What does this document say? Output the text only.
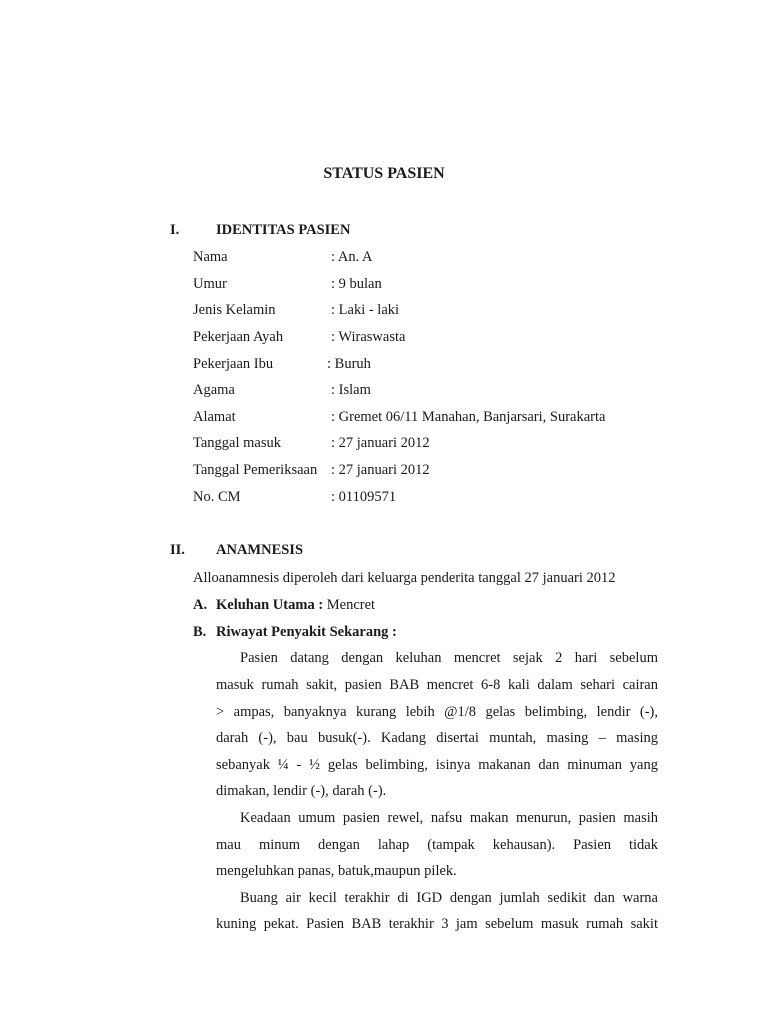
STATUS PASIEN
I.	IDENTITAS PASIEN
Nama	: An. A
Umur	: 9 bulan
Jenis Kelamin	: Laki - laki
Pekerjaan Ayah	: Wiraswasta
Pekerjaan Ibu	: Buruh
Agama	: Islam
Alamat	: Gremet 06/11 Manahan, Banjarsari, Surakarta
Tanggal masuk	: 27 januari 2012
Tanggal Pemeriksaan : 27 januari 2012
No. CM	: 01109571
II. ANAMNESIS
Alloanamnesis diperoleh dari keluarga penderita tanggal 27 januari 2012
A. Keluhan Utama : Mencret
B. Riwayat Penyakit Sekarang :
Pasien datang dengan keluhan mencret sejak 2 hari sebelum
masuk rumah sakit, pasien BAB mencret 6-8 kali dalam sehari cairan
> ampas, banyaknya kurang lebih @1/8 gelas belimbing, lendir (-),
darah (-), bau busuk(-). Kadang disertai muntah, masing – masing
sebanyak ¼ - ½ gelas belimbing, isinya makanan dan minuman yang
dimakan, lendir (-), darah (-).
Keadaan umum pasien rewel, nafsu makan menurun, pasien masih
mau minum dengan lahap (tampak kehausan). Pasien tidak
mengeluhkan panas, batuk,maupun pilek.
Buang air kecil terakhir di IGD dengan jumlah sedikit dan warna
kuning pekat. Pasien BAB terakhir 3 jam sebelum masuk rumah sakit
